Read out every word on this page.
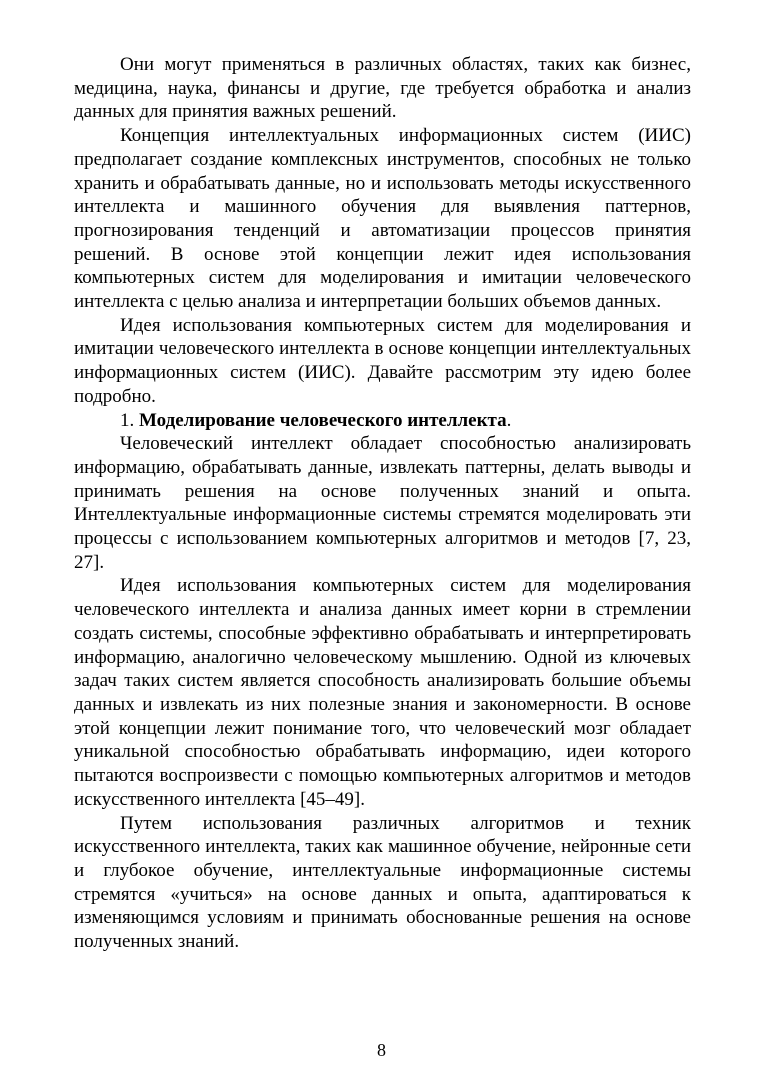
Они могут применяться в различных областях, таких как бизнес, медицина, наука, финансы и другие, где требуется обработка и анализ данных для принятия важных решений.

Концепция интеллектуальных информационных систем (ИИС) предполагает создание комплексных инструментов, способных не только хранить и обрабатывать данные, но и использовать методы искусственного интеллекта и машинного обучения для выявления паттернов, прогнозирования тенденций и автоматизации процессов принятия решений. В основе этой концепции лежит идея использования компьютерных систем для моделирования и имитации человеческого интеллекта с целью анализа и интерпретации больших объемов данных.

Идея использования компьютерных систем для моделирования и имитации человеческого интеллекта в основе концепции интеллектуальных информационных систем (ИИС). Давайте рассмотрим эту идею более подробно.

1. Моделирование человеческого интеллекта.

Человеческий интеллект обладает способностью анализировать информацию, обрабатывать данные, извлекать паттерны, делать выводы и принимать решения на основе полученных знаний и опыта. Интеллектуальные информационные системы стремятся моделировать эти процессы с использованием компьютерных алгоритмов и методов [7, 23, 27].

Идея использования компьютерных систем для моделирования человеческого интеллекта и анализа данных имеет корни в стремлении создать системы, способные эффективно обрабатывать и интерпретировать информацию, аналогично человеческому мышлению. Одной из ключевых задач таких систем является способность анализировать большие объемы данных и извлекать из них полезные знания и закономерности. В основе этой концепции лежит понимание того, что человеческий мозг обладает уникальной способностью обрабатывать информацию, идеи которого пытаются воспроизвести с помощью компьютерных алгоритмов и методов искусственного интеллекта [45–49].

Путем использования различных алгоритмов и техник искусственного интеллекта, таких как машинное обучение, нейронные сети и глубокое обучение, интеллектуальные информационные системы стремятся «учиться» на основе данных и опыта, адаптироваться к изменяющимся условиям и принимать обоснованные решения на основе полученных знаний.

8
